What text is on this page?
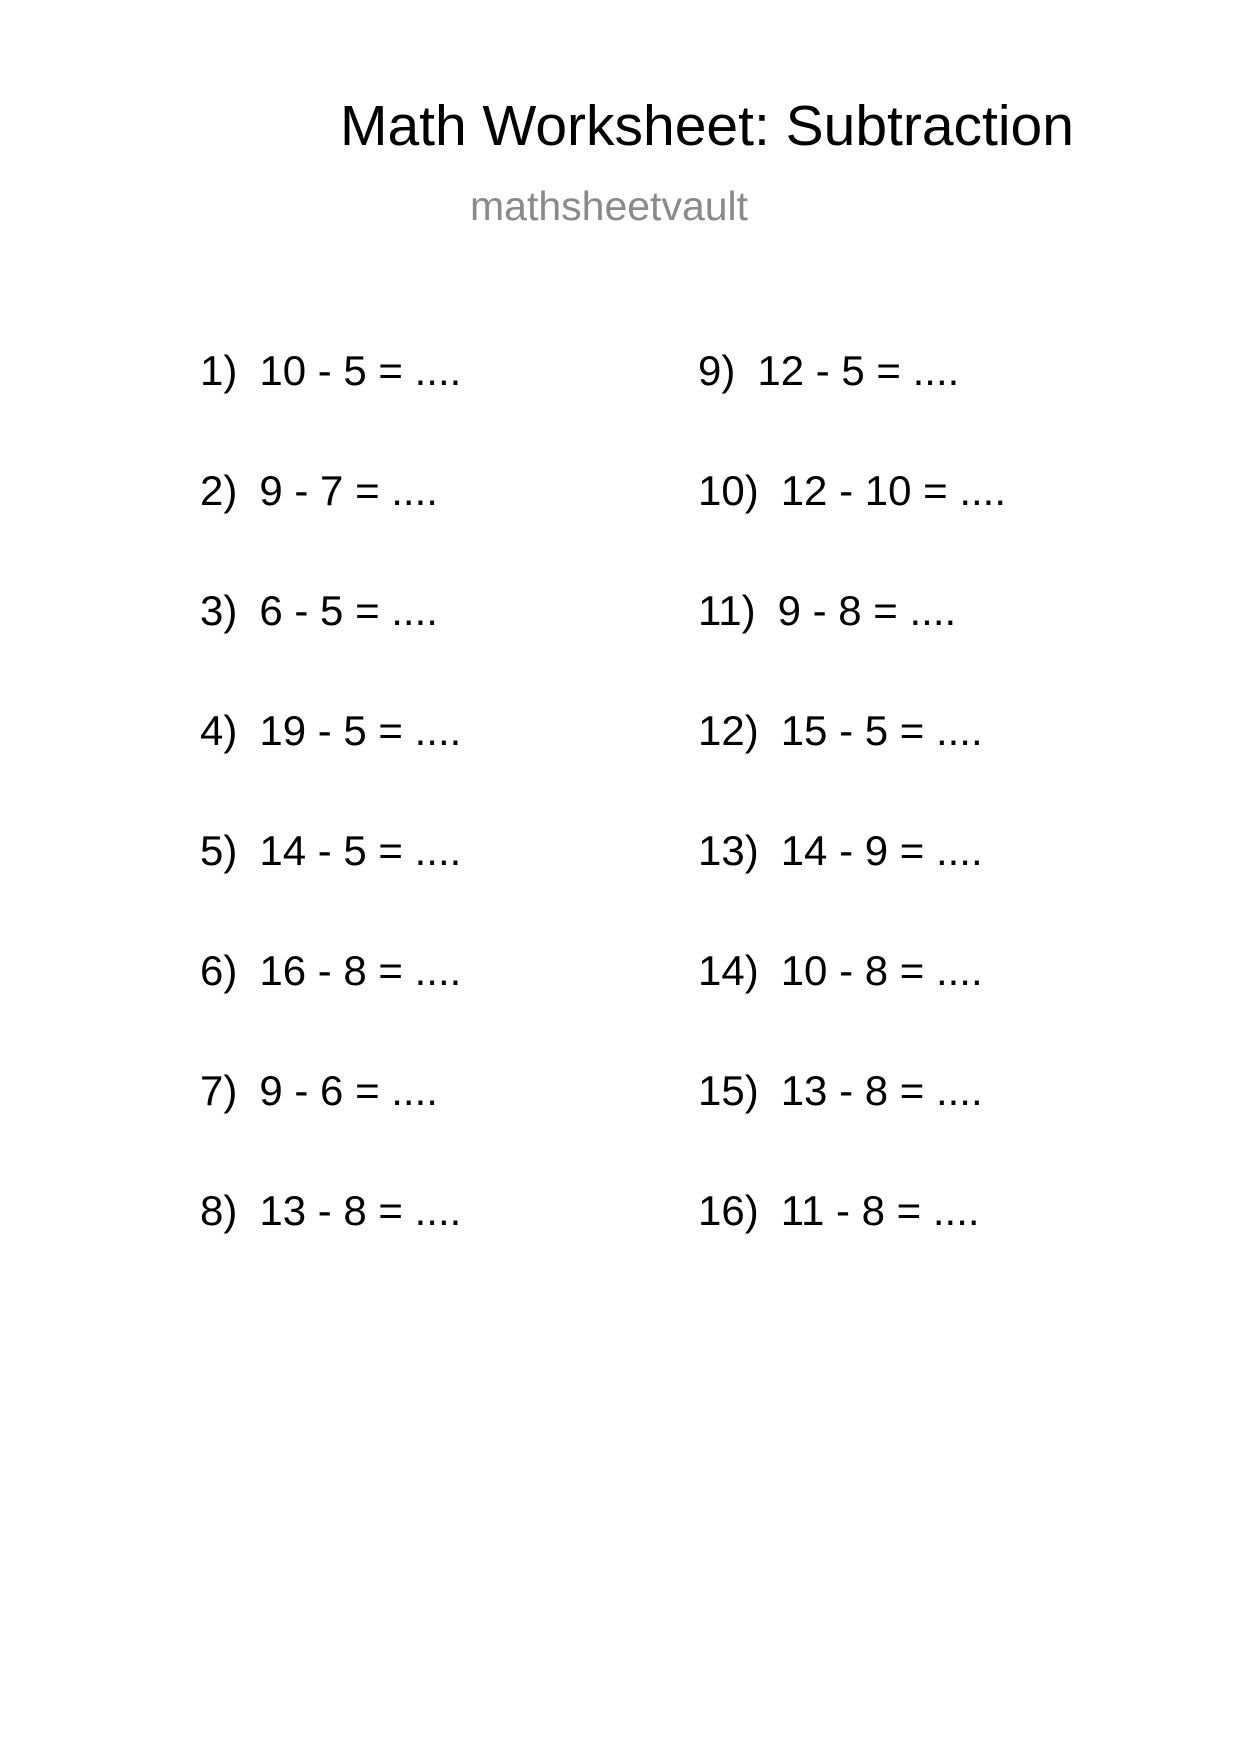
Math Worksheet: Subtraction
mathsheetvault
1) 10 - 5 = ....
2) 9 - 7 = ....
3) 6 - 5 = ....
4) 19 - 5 = ....
5) 14 - 5 = ....
6) 16 - 8 = ....
7) 9 - 6 = ....
8) 13 - 8 = ....
9) 12 - 5 = ....
10) 12 - 10 = ....
11) 9 - 8 = ....
12) 15 - 5 = ....
13) 14 - 9 = ....
14) 10 - 8 = ....
15) 13 - 8 = ....
16) 11 - 8 = ....
